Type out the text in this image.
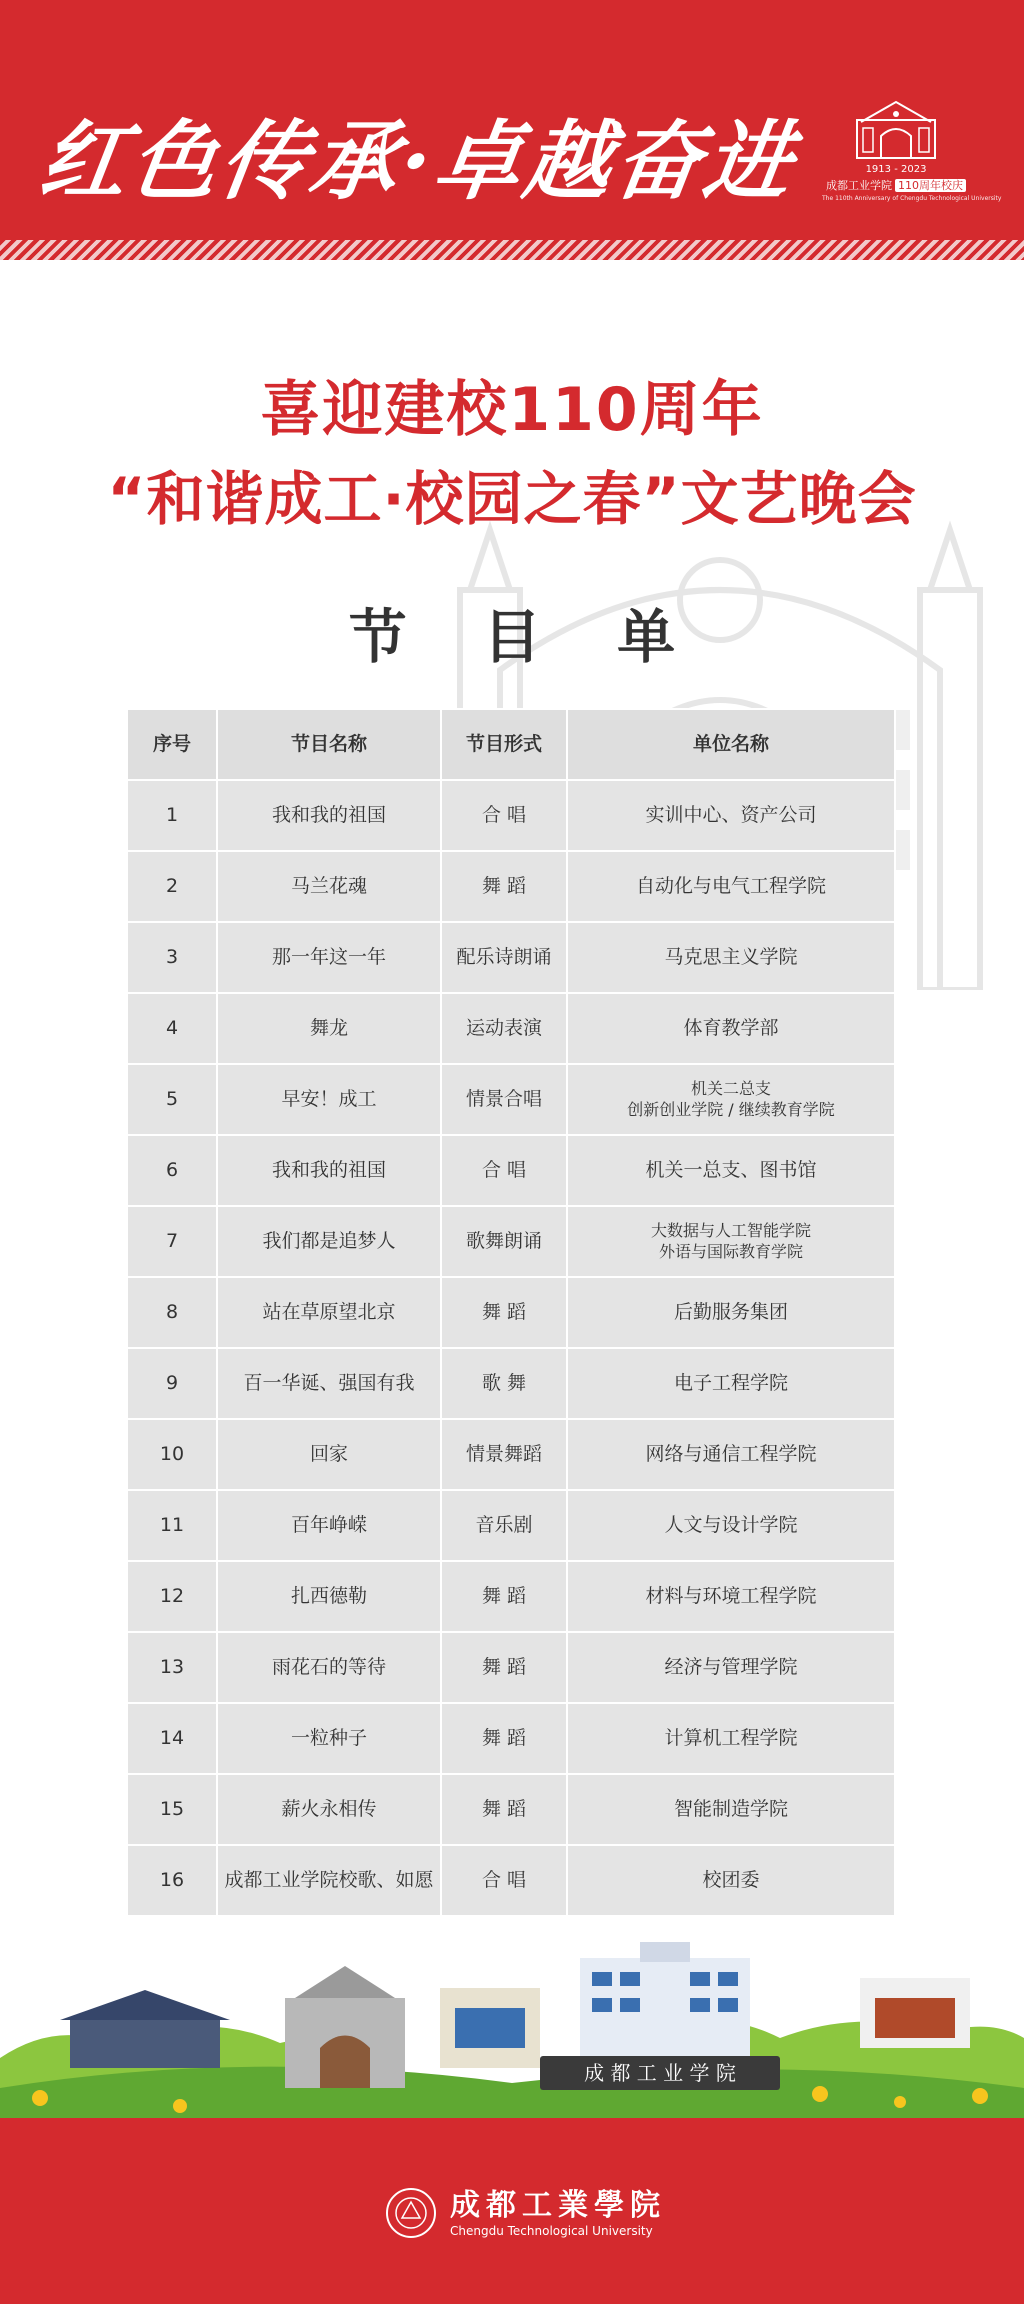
红色传承·卓越奋进	1913 - 2023
成都工业学院 110周年校庆
The 110th Anniversary of Chengdu Technological University
喜迎建校110周年
“和谐成工·校园之春”文艺晚会
节 目 单
序号	节目名称	节目形式	单位名称
1	我和我的祖国	合 唱	实训中心、资产公司
2	马兰花魂	舞 蹈	自动化与电气工程学院
3	那一年这一年	配乐诗朗诵	马克思主义学院
4	舞龙	运动表演	体育教学部
5	早安！成工	情景合唱	机关二总支
创新创业学院 / 继续教育学院

6	我和我的祖国	合 唱	机关一总支、图书馆
7	我们都是追梦人	歌舞朗诵	大数据与人工智能学院
外语与国际教育学院

8	站在草原望北京	舞 蹈	后勤服务集团
9	百一华诞、强国有我	歌 舞	电子工程学院
10	回家	情景舞蹈	网络与通信工程学院
11	百年峥嵘	音乐剧	人文与设计学院
12	扎西德勒	舞 蹈	材料与环境工程学院
13	雨花石的等待	舞 蹈	经济与管理学院
14	一粒种子	舞 蹈	计算机工程学院
15	薪火永相传	舞 蹈	智能制造学院
16	成都工业学院校歌、如愿	合 唱	校团委
成 都 工 业 学 院
成都工業學院
Chengdu Technological University
